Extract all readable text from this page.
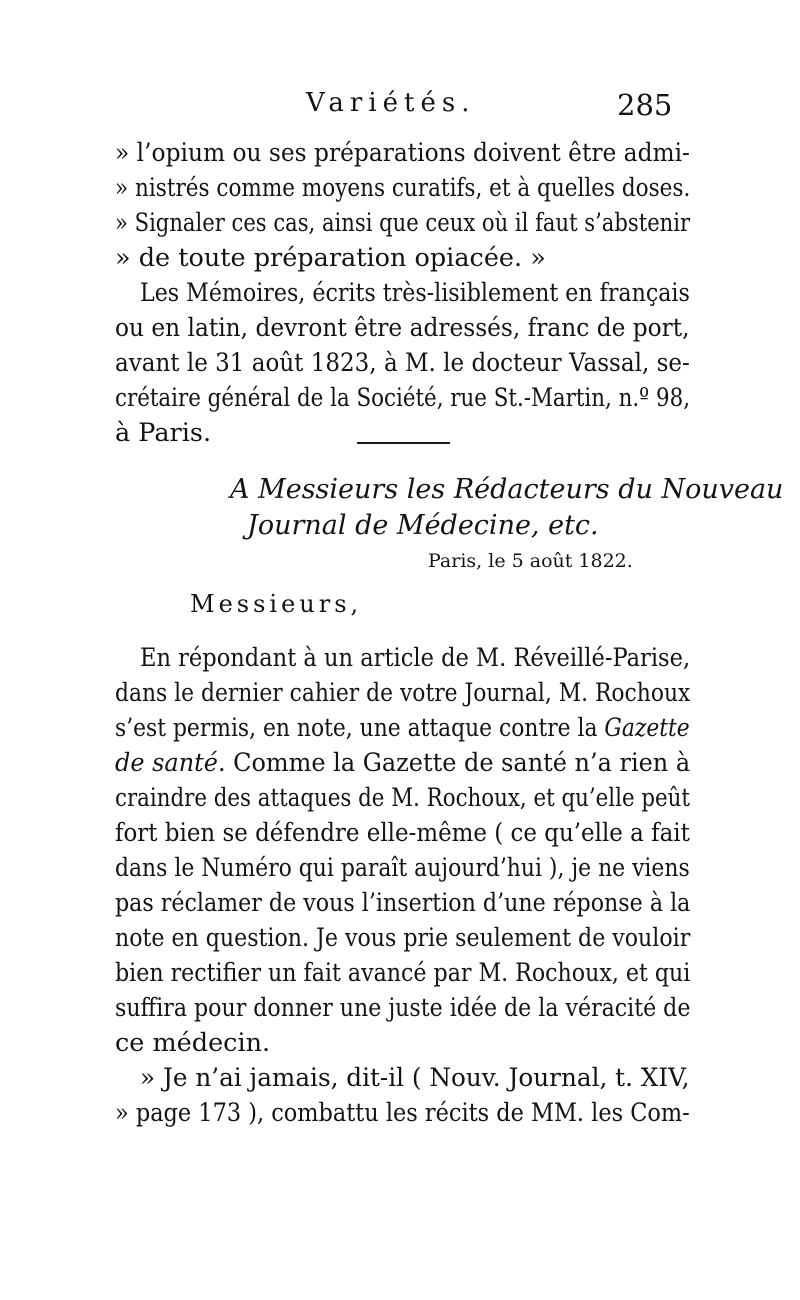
Variétés.	285
» l’opium ou ses préparations doivent être admi-
» nistrés comme moyens curatifs, et à quelles doses.
» Signaler ces cas, ainsi que ceux où il faut s’abstenir
» de toute préparation opiacée. »
Les Mémoires, écrits très-lisiblement en français
ou en latin, devront être adressés, franc de port,
avant le 31 août 1823, à M. le docteur Vassal, se-
crétaire général de la Société, rue St.-Martin, n.º 98,
à Paris.
A Messieurs les Rédacteurs du Nouveau
Journal de Médecine, etc.
Paris, le 5 août 1822.
Messieurs,
En répondant à un article de M. Réveillé-Parise,
dans le dernier cahier de votre Journal, M. Rochoux
s’est permis, en note, une attaque contre la Gazette
de santé. Comme la Gazette de santé n’a rien à
craindre des attaques de M. Rochoux, et qu’elle peût
fort bien se défendre elle-même ( ce qu’elle a fait
dans le Numéro qui paraît aujourd’hui ), je ne viens
pas réclamer de vous l’insertion d’une réponse à la
note en question. Je vous prie seulement de vouloir
bien rectifier un fait avancé par M. Rochoux, et qui
suffira pour donner une juste idée de la véracité de
ce médecin.
» Je n’ai jamais, dit-il ( Nouv. Journal, t. XIV,
» page 173 ), combattu les récits de MM. les Com-
